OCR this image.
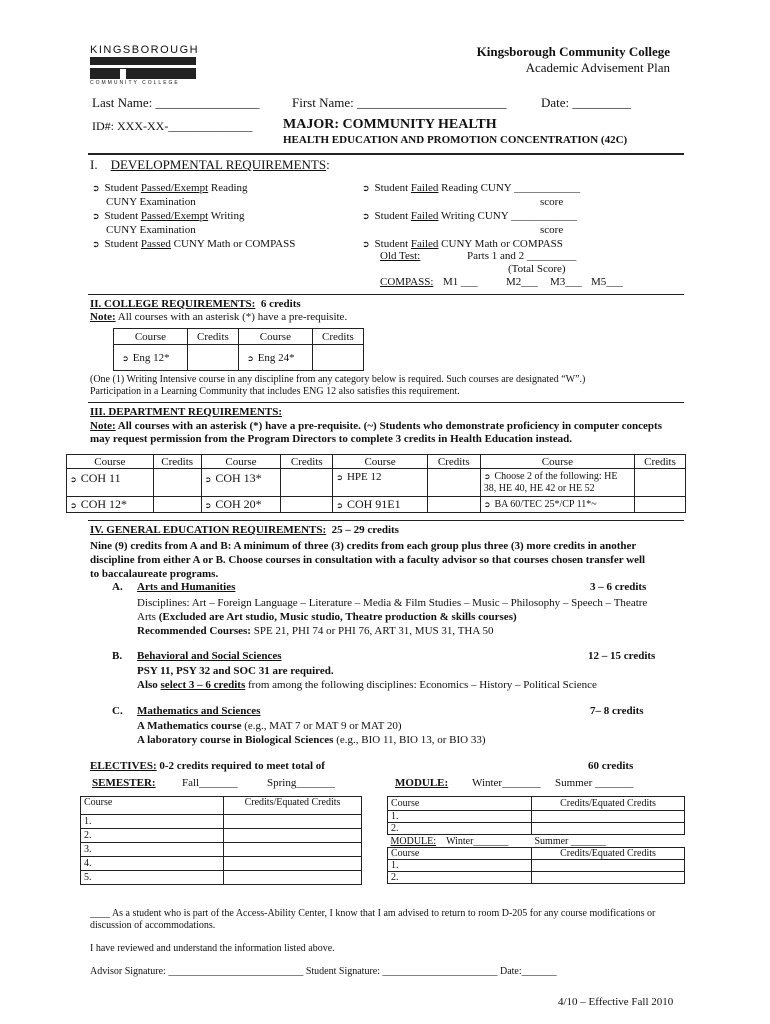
KINGSBOROUGH
COMMUNITY COLLEGE
Kingsborough Community College
Academic Advisement Plan
Last Name: ________________ First Name: _______________________	Date: _________
ID#: XXX-XX-______________ MAJOR: COMMUNITY HEALTH
HEALTH EDUCATION AND PROMOTION CONCENTRATION (42C)
I. DEVELOPMENTAL REQUIREMENTS:
➲ Student Passed/Exempt Reading
CUNY Examination
➲ Student Passed/Exempt Writing
CUNY Examination
➲ Student Passed CUNY Math or COMPASS
➲ Student Failed Reading CUNY ____________
score
➲ Student Failed Writing CUNY ____________
score
➲ Student Failed CUNY Math or COMPASS
Old Test:	Parts 1 and 2 _________
(Total Score)
COMPASS: M1 ___	M2___ M3___ M5___
II. COLLEGE REQUIREMENTS: 6 credits
Note: All courses with an asterisk (*) have a pre-requisite.
Course	Credits	Course	Credits
➲ Eng 12*		➲ Eng 24*	
(One (1) Writing Intensive course in any discipline from any category below is required. Such courses are designated “W”.)
Participation in a Learning Community that includes ENG 12 also satisfies this requirement.
III. DEPARTMENT REQUIREMENTS:
Note: All courses with an asterisk (*) have a pre-requisite. (~) Students who demonstrate proficiency in computer concepts
may request permission from the Program Directors to complete 3 credits in Health Education instead.
Course	Credits	Course	Credits	Course	Credits	Course	Credits
➲ COH 11		➲ COH 13*		➲ HPE 12		➲ Choose 2 of the following: HE 38, HE 40, HE 42 or HE 52	
➲ COH 12*		➲ COH 20*		➲ COH 91E1		➲ BA 60/TEC 25*/CP 11*~	
IV. GENERAL EDUCATION REQUIREMENTS: 25 – 29 credits
Nine (9) credits from A and B: A minimum of three (3) credits from each group plus three (3) more credits in another
discipline from either A or B. Choose courses in consultation with a faculty advisor so that courses chosen transfer well
to baccalaureate programs.
A. Arts and Humanities	3 – 6 credits
Disciplines: Art – Foreign Language – Literature – Media & Film Studies – Music – Philosophy – Speech – Theatre
Arts (Excluded are Art studio, Music studio, Theatre production & skills courses)
Recommended Courses: SPE 21, PHI 74 or PHI 76, ART 31, MUS 31, THA 50
B. Behavioral and Social Sciences	12 – 15 credits
PSY 11, PSY 32 and SOC 31 are required.
Also select 3 – 6 credits from among the following disciplines: Economics – History – Political Science
C. Mathematics and Sciences	7– 8 credits
A Mathematics course (e.g., MAT 7 or MAT 9 or MAT 20)
A laboratory course in Biological Sciences (e.g., BIO 11, BIO 13, or BIO 33)
ELECTIVES: 0-2 credits required to meet total of	60 credits
SEMESTER: Fall_______	Spring_______	MODULE: Winter_______ Summer _______
Course	Credits/Equated Credits
1.	
2.	
3.	
4.	
5.	
Course	Credits/Equated Credits
1.	
2.	
MODULE: Winter_______	Summer _______
Course	Credits/Equated Credits
1.	
2.	
____ As a student who is part of the Access-Ability Center, I know that I am advised to return to room D-205 for any course modifications or
discussion of accommodations.
I have reviewed and understand the information listed above.
Advisor Signature: ___________________________ Student Signature: _______________________ Date:_______
4/10 – Effective Fall 2010
